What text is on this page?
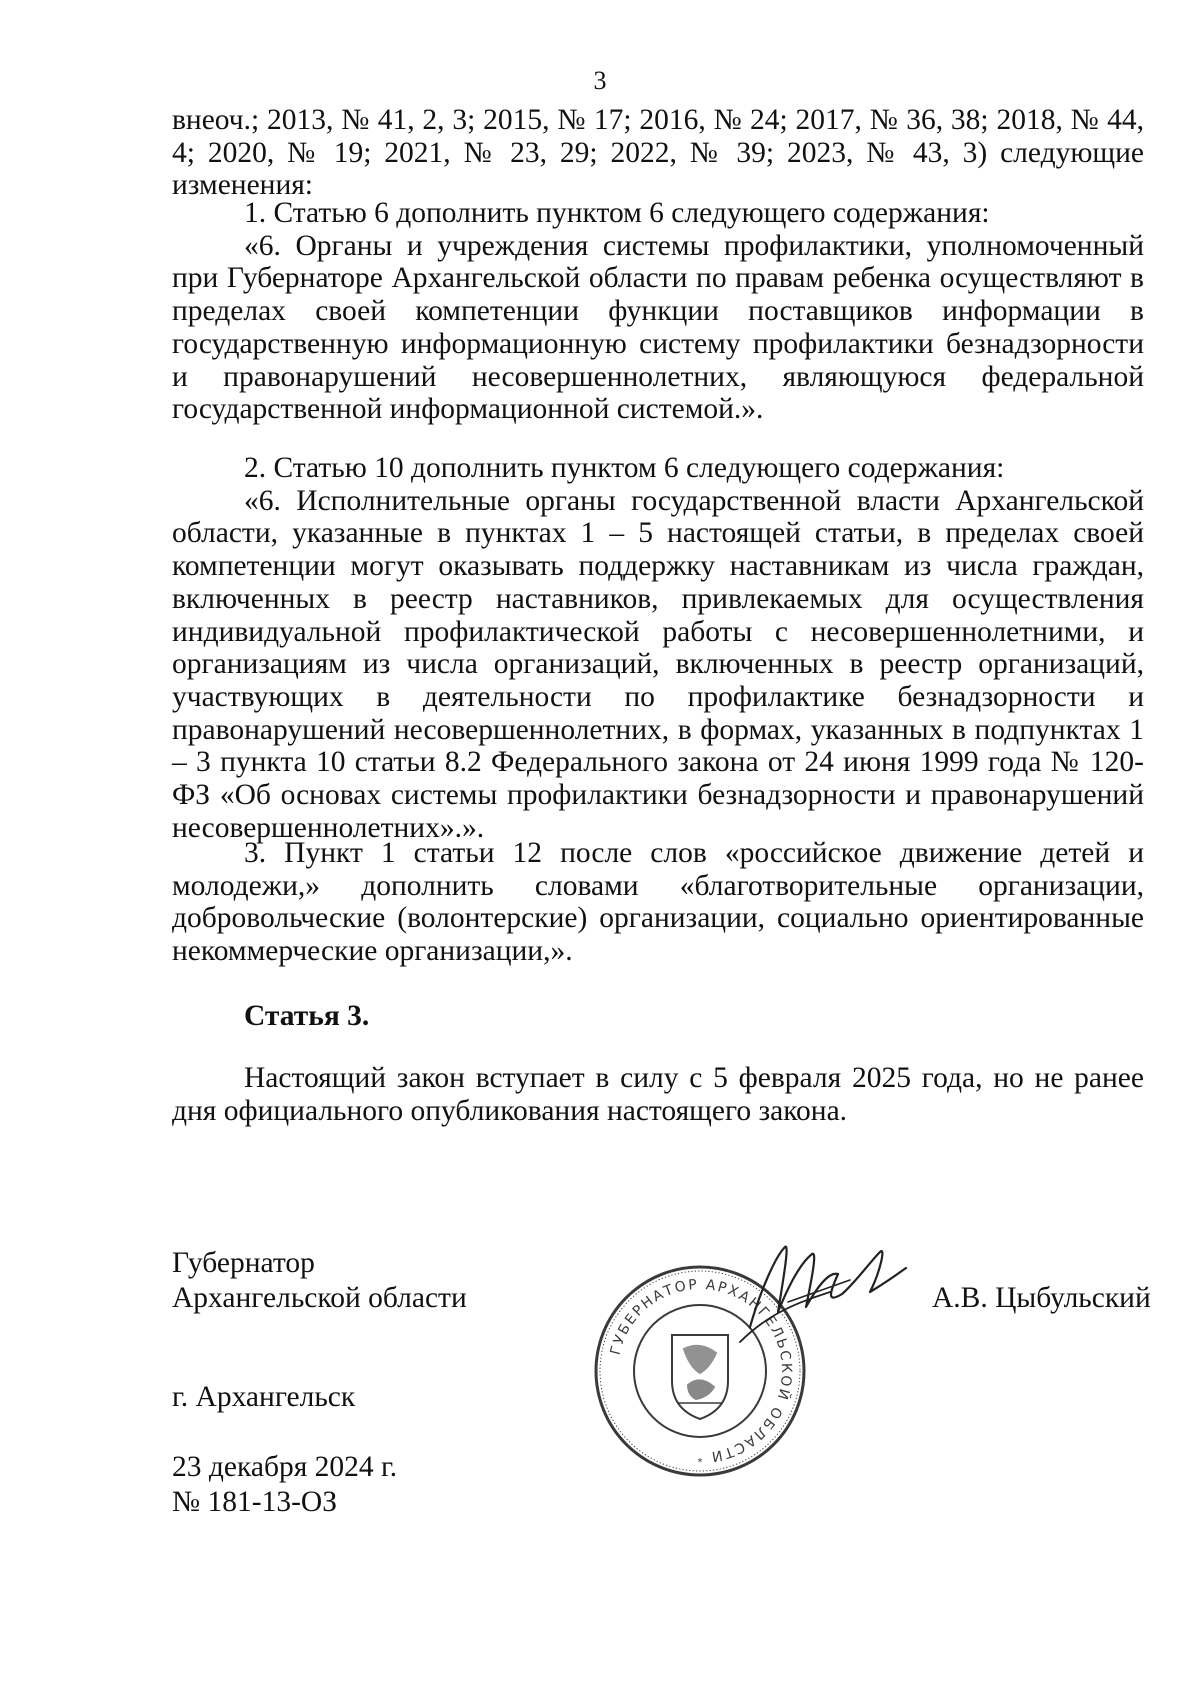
3

внеоч.; 2013, № 41, 2, 3; 2015, № 17; 2016, № 24; 2017, № 36, 38; 2018, № 44, 4; 2020, № 19; 2021, № 23, 29; 2022, № 39; 2023, № 43, 3) следующие изменения:

1. Статью 6 дополнить пунктом 6 следующего содержания:

«6. Органы и учреждения системы профилактики, уполномоченный при Губернаторе Архангельской области по правам ребенка осуществляют в пределах своей компетенции функции поставщиков информации в государственную информационную систему профилактики безнадзорности и правонарушений несовершеннолетних, являющуюся федеральной государственной информационной системой.».

2. Статью 10 дополнить пунктом 6 следующего содержания:

«6. Исполнительные органы государственной власти Архангельской области, указанные в пунктах 1 – 5 настоящей статьи, в пределах своей компетенции могут оказывать поддержку наставникам из числа граждан, включенных в реестр наставников, привлекаемых для осуществления индивидуальной профилактической работы с несовершеннолетними, и организациям из числа организаций, включенных в реестр организаций, участвующих в деятельности по профилактике безнадзорности и правонарушений несовершеннолетних, в формах, указанных в подпунктах 1 – 3 пункта 10 статьи 8.2 Федерального закона от 24 июня 1999 года № 120-ФЗ «Об основах системы профилактики безнадзорности и правонарушений несовершеннолетних».».

3. Пункт 1 статьи 12 после слов «российское движение детей и молодежи,» дополнить словами «благотворительные организации, добровольческие (волонтерские) организации, социально ориентированные некоммерческие организации,».

Статья 3.

Настоящий закон вступает в силу с 5 февраля 2025 года, но не ранее дня официального опубликования настоящего закона.

Губернатор
Архангельской области	А.В. Цыбульский
г. Архангельск
23 декабря 2024 г.
№ 181-13-ОЗ
ГУБЕРНАТОР АРХАНГЕЛЬСКОЙ ОБЛАСТИ
*
